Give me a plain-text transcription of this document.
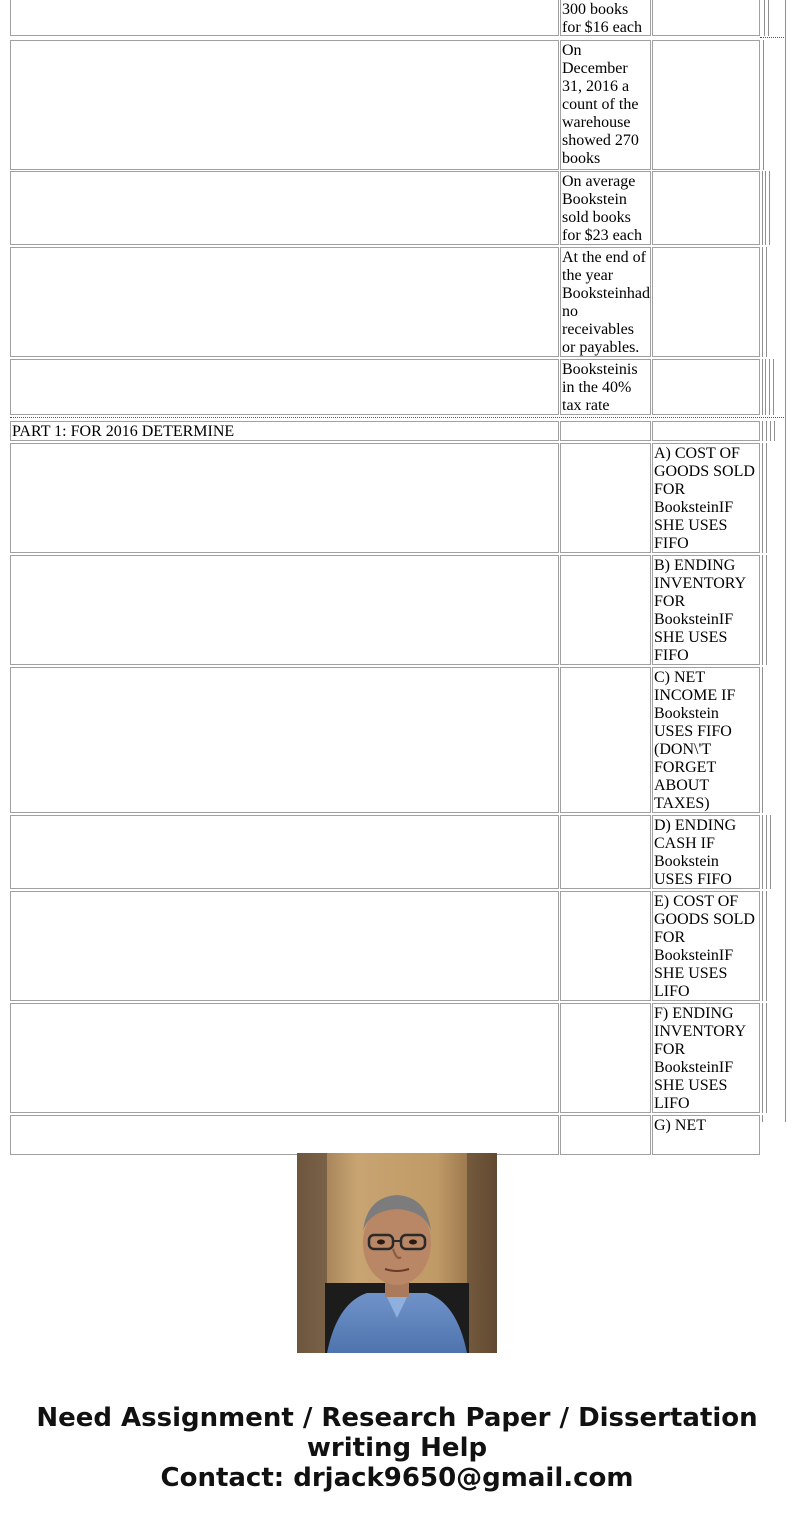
300 books for $16 each
On December 31, 2016 a count of the warehouse showed 270 books
On average Bookstein sold books for $23 each
At the end of the year Booksteinhad no receivables or payables.
Booksteinis in the 40% tax rate
PART 1: FOR 2016 DETERMINE
A) COST OF GOODS SOLD FOR BooksteinIF SHE USES FIFO
B) ENDING INVENTORY FOR BooksteinIF SHE USES FIFO
C) NET INCOME IF Bookstein USES FIFO (DON\'T FORGET ABOUT TAXES)
D) ENDING CASH IF Bookstein USES FIFO
E) COST OF GOODS SOLD FOR BooksteinIF SHE USES LIFO
F) ENDING INVENTORY FOR BooksteinIF SHE USES LIFO
G) NET
Need Assignment / Research Paper / Dissertation
writing Help
Contact: drjack9650@gmail.com
